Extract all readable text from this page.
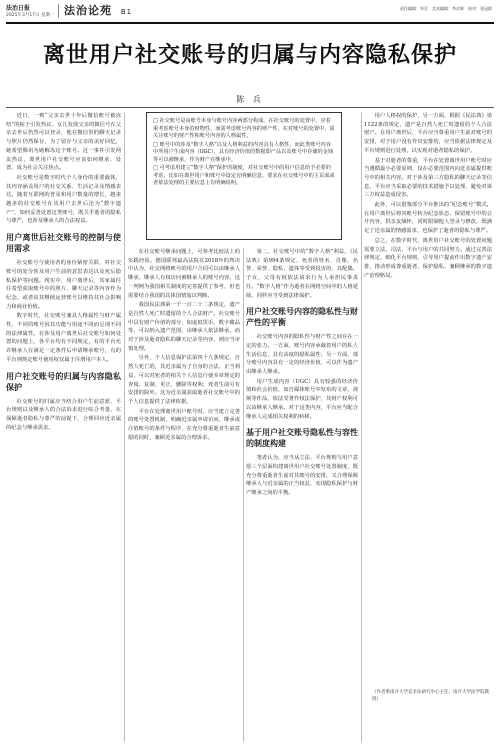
法治日报
2025年3月17日 星期一 法治论苑 B1	责任编辑：毕至　美术编辑：李京辉　校对：张冠群
离世用户社交账号的归属与内容隐私保护
陈 兵
□ 社交账号是由账号本身与账号内容两部分构成。在社交账号的处置中，应着重考虑账号本身的财物性，而需考虑账号内容的财产性，在对账号的处置中，需关注账号的财产性和账号内容的人格属性。
□ 账号中的涉及“数字人格”以及人格利益的内容具有人格性，而此类账号内容中所用户生成内容（UGC），具有经济价值的数据即产品以及账号中存储的金钱等可以被继承，作为财产在继承中。
□ 可考虑用建立“数字人格”保护的制度，对社交账号中的用户信息给予必要的考虑，比如在离世用户和账号中设定有明确信息，要求在社交账号中的主页面或者依法处理的主要信息上有明确说明。

近日，一则“父亲去世十年后微信账号被冻结”的帖子引发热议。女儿发现父亲的微信号在父亲去世后仍然可以登录，他在微信里的聊天记录与照片仍然保存，为了留存与父亲的美好回忆，她希望腾讯为她解冻这个账号。这一事件引发网友热议，离世用户社交账号应该如何继承、处置，成为社会关注焦点。

社交账号是数字时代个人身份的重要载体，其内容涵盖用户的社交关系、生活记录及情感表达。随着互联网的普及和用户数量的增长，越来越多的社交账号在其用户去世后沦为“数字遗产”，如何妥善处置这类账号，既关乎逝者的隐私与尊严，也涉及继承人的合法权益。

用户离世后社交账号的控制与使用需求

社交账号与使用者的身份紧密关联，对社交账号的处分涉及用户生前的意思表达以及死后隐私保护等问题。现实中，用户离世后，其家属往往希望获取账号中的照片、聊天记录等内容作为纪念，或者由其继续运营账号以维持其社会影响力和商业价值。

数字时代，社交账号兼具人格属性与财产属性，不同的账号因其功能与用途不同而呈现不同的法律属性。在涉及用户离世后社交账号如何处置的问题上，各平台均有不同规定，有的平台允许继承人在满足一定条件后申请继承账号，有的平台则规定账号使用权仅属于注册用户本人。

用户社交账号的归属与内容隐私保护

社交账号的归属应当结合用户生前意愿、平台规则以及继承人的合法诉求进行综合考量，在保障逝者隐私与尊严的前提下，合理回应近亲属的纪念与继承需求。

在社交账号继承问题上，可参考比较法上的实践经验。德国联邦最高法院在2018年的判决中认为，社交网络账号的用户合同可以由继承人继承，继承人有权访问被继承人的账号内容。这一判例为我国相关制度的完善提供了参考，但也需要结合我国的具体国情加以判断。

我国民法典第一千一百二十二条规定，遗产是自然人死亡时遗留的个人合法财产。社交账号中具有财产价值的部分，如虚拟货币、数字藏品等，可以纳入遗产范围，由继承人依法继承。而对于涉及逝者隐私的聊天记录等内容，则应当审慎处理。

另外，个人信息保护法第四十九条规定，自然人死亡的，其近亲属为了自身的合法、正当利益，可以对死者的相关个人信息行使本章规定的查阅、复制、更正、删除等权利；死者生前另有安排的除外。这为近亲属获取逝者社交账号中的个人信息提供了法律依据。

平台在处理离世用户账号时，应当建立完善的账号处置机制，明确近亲属申请访问、继承或注销账号的条件与程序，在充分尊重逝者生前意愿的同时，兼顾近亲属的合理诉求。

第二，社交账号中的“数字人格”利益。《民法典》第994条规定，死者的姓名、肖像、名誉、荣誉、隐私、遗体等受到侵害的，其配偶、子女、父母有权依法请求行为人承担民事责任。“数字人格”作为逝者在网络空间中的人格延续，同样应当受到法律保护。

用户社交账号内容的隐私性与财产性的平衡

社交账号内容的隐私性与财产性之间存在一定的张力。一方面，账号内容承载着用户的私人生活信息，具有高度的隐私属性；另一方面，部分账号内容具有一定的经济价值，可以作为遗产由继承人继承。

用户生成内容（UGC）具有较强的经济价值和社会价值，如自媒体账号中发布的文章、视频等作品，依法受著作权法保护，其财产权利可以由继承人继承。对于这类内容，平台应当配合继承人完成相关权利的转移。

基于用户社交账号隐私性与容性的制度构建

笔者认为，应当从立法、平台规则与用户意愿三个层面构建离世用户社交账号处置制度，既充分尊重逝者生前对其账号的安排，又合理保障继承人与近亲属的正当权益，实现隐私保护与财产继承之间的平衡。

用户人格权的保护，另一方面，根据《民法典》第1122条的规定，遗产是自然人死亡时遗留的个人合法财产。在用户离世后，平台应当尊重用户生前对账号的安排，对于用户没有作出安排的，应当依据法律规定及平台规则进行处理，以实现对逝者隐私的保护。

基于对逝者的尊重，平台在处置离世用户账号时应当遵循最小必要原则，仅在必要范围内向近亲属提供账号中的相关内容。对于涉及第三方隐私的聊天记录等信息，平台应当采取必要的技术措施予以处理，避免对第三方权益造成侵害。

此外，可以借鉴部分平台推出的“纪念账号”模式，在用户离世后将其账号转为纪念状态，保留账号中的公开内容，供亲友缅怀，同时限制他人登录与修改，既满足了近亲属的情感需求，也保护了逝者的隐私与尊严。

总之，在数字时代，离世用户社交账号的处置问题需要立法、司法、平台与用户的共同努力。通过完善法律规定、细化平台规则、引导用户提前作出数字遗产安排，推动形成尊重逝者、保护隐私、兼顾继承的数字遗产治理格局。

（作者系南开大学竞争法研究中心主任、南开大学法学院教授）
